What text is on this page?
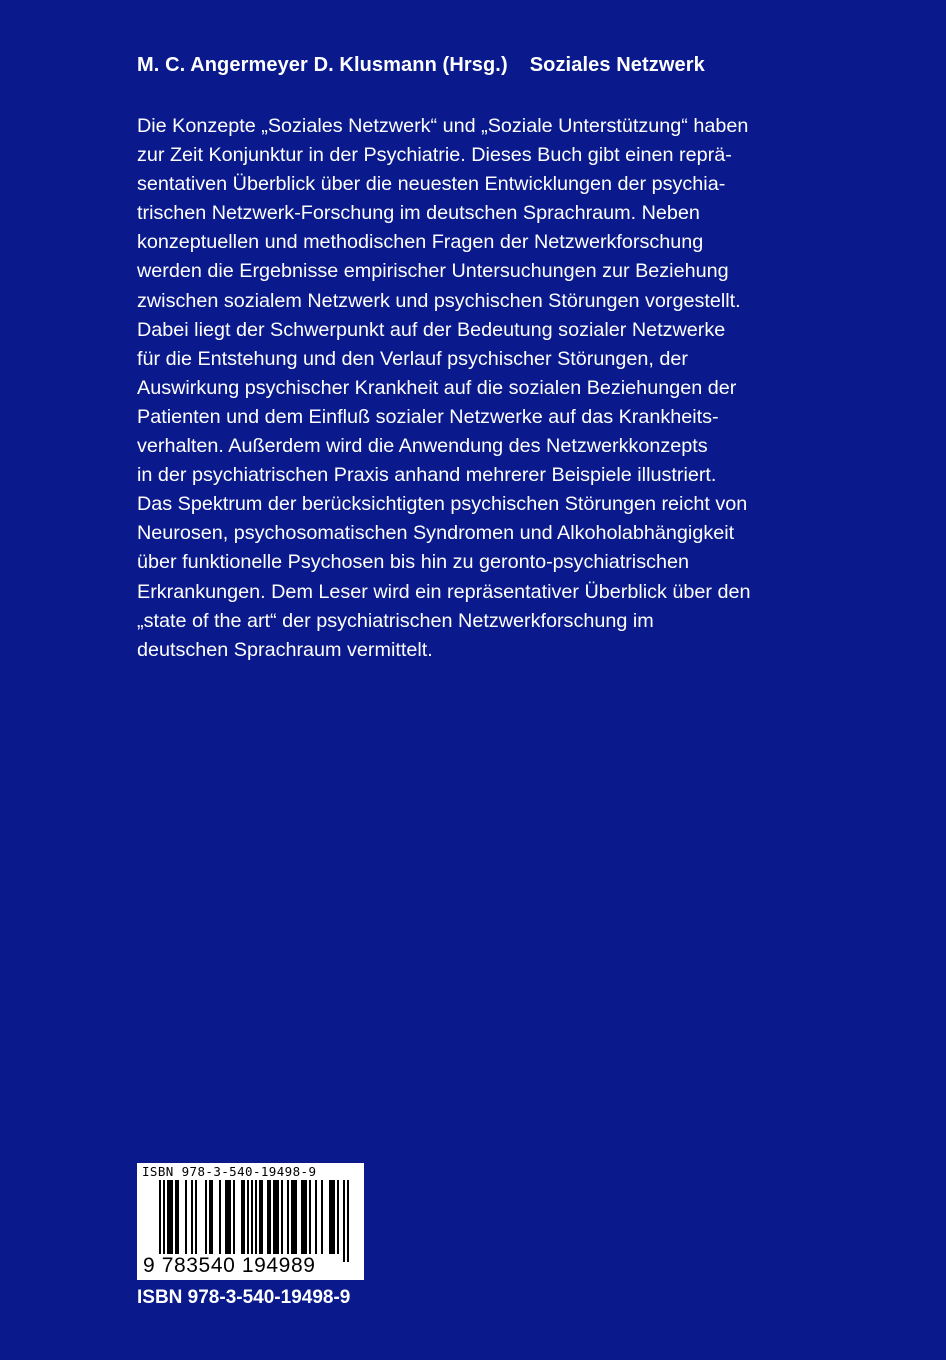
M. C. Angermeyer D. Klusmann (Hrsg.) Soziales Netzwerk
Die Konzepte „Soziales Netzwerk“ und „Soziale Unterstützung“ haben
zur Zeit Konjunktur in der Psychiatrie. Dieses Buch gibt einen reprä-
sentativen Überblick über die neuesten Entwicklungen der psychia-
trischen Netzwerk-Forschung im deutschen Sprachraum. Neben
konzeptuellen und methodischen Fragen der Netzwerkforschung
werden die Ergebnisse empirischer Untersuchungen zur Beziehung
zwischen sozialem Netzwerk und psychischen Störungen vorgestellt.
Dabei liegt der Schwerpunkt auf der Bedeutung sozialer Netzwerke
für die Entstehung und den Verlauf psychischer Störungen, der
Auswirkung psychischer Krankheit auf die sozialen Beziehungen der
Patienten und dem Einfluß sozialer Netzwerke auf das Krankheits-
verhalten. Außerdem wird die Anwendung des Netzwerkkonzepts
in der psychiatrischen Praxis anhand mehrerer Beispiele illustriert.
Das Spektrum der berücksichtigten psychischen Störungen reicht von
Neurosen, psychosomatischen Syndromen und Alkoholabhängigkeit
über funktionelle Psychosen bis hin zu geronto-psychiatrischen
Erkrankungen. Dem Leser wird ein repräsentativer Überblick über den
„state of the art“ der psychiatrischen Netzwerkforschung im
deutschen Sprachraum vermittelt.
ISBN 978-3-540-19498-9
9 783540 194989
ISBN 978-3-540-19498-9
